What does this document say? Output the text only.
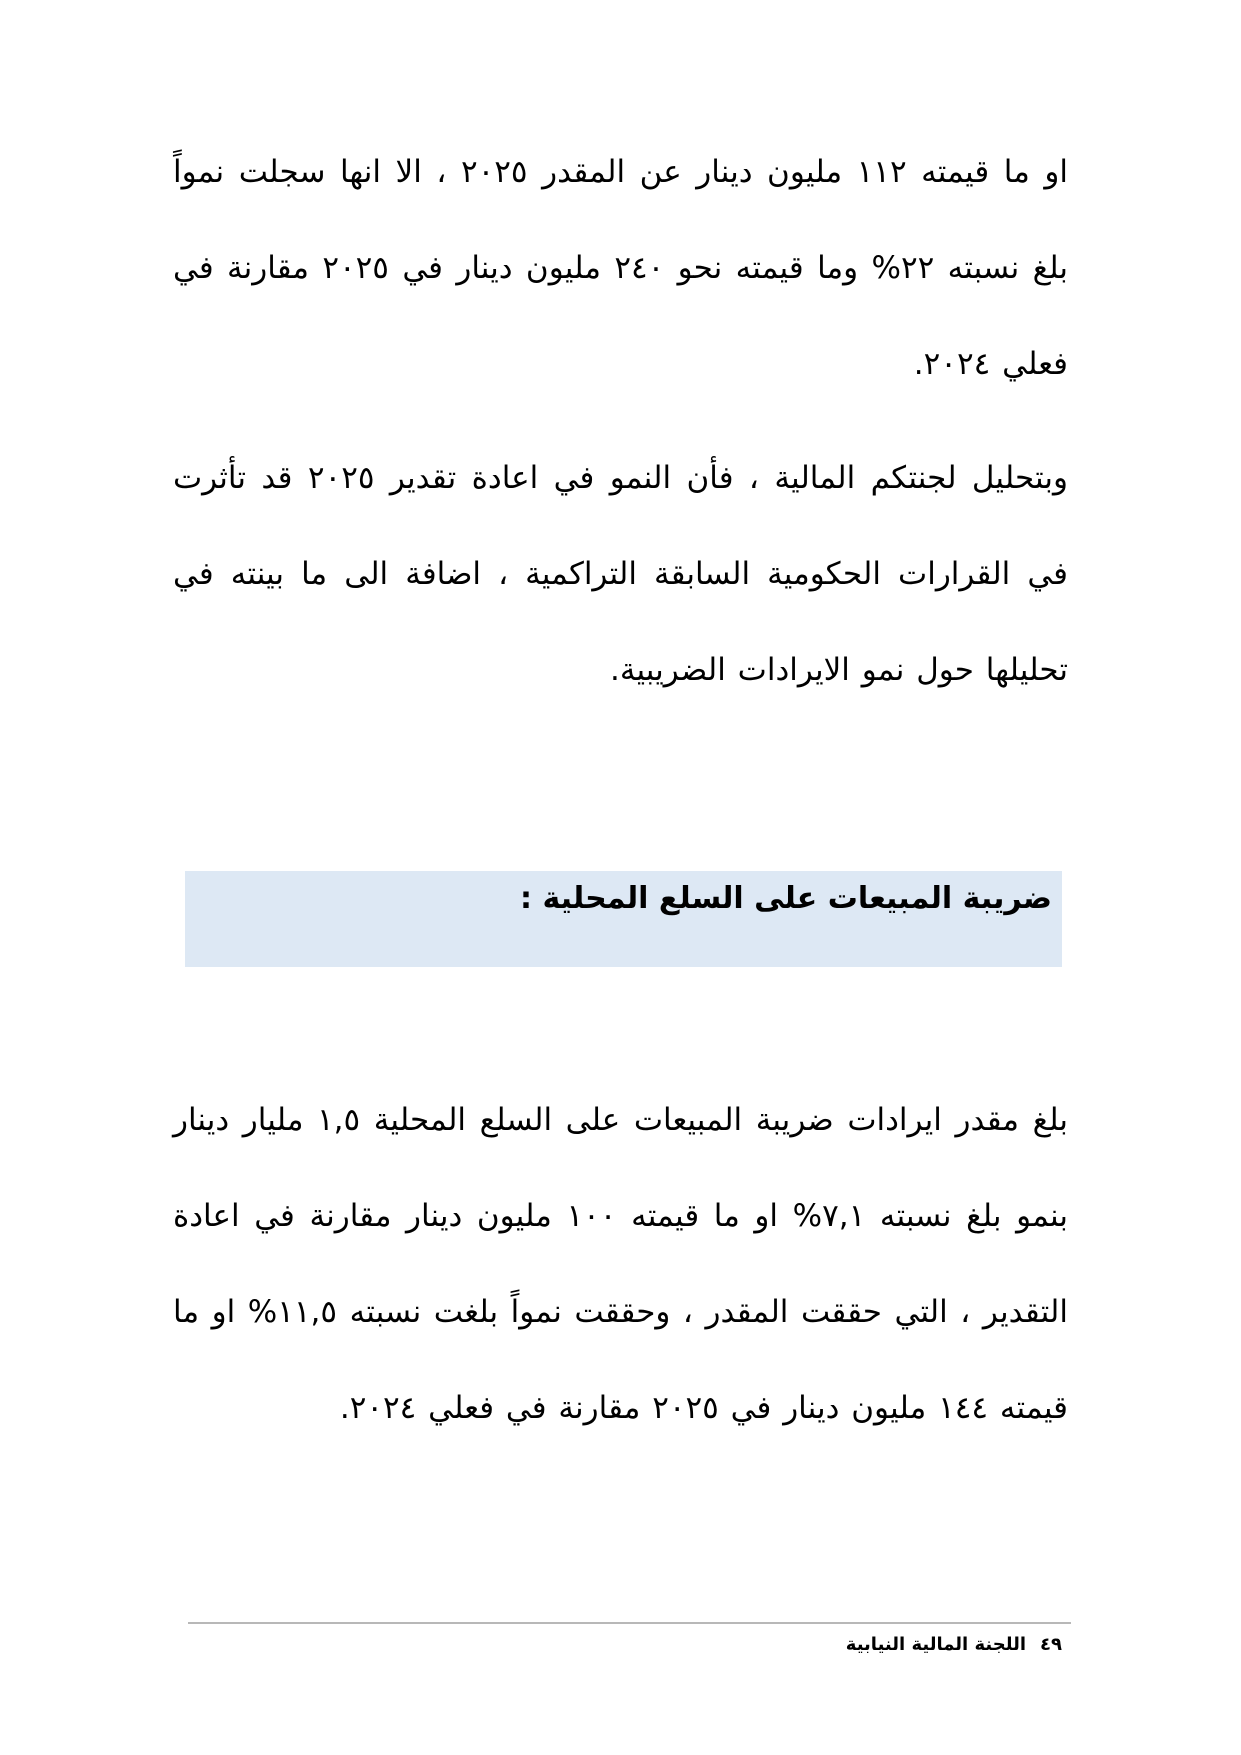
او ما قيمته ١١٢ مليون دينار عن المقدر ٢٠٢٥ ، الا انها سجلت نمواً بلغ نسبته ٢٢% وما قيمته نحو ٢٤٠ مليون دينار في ٢٠٢٥ مقارنة في فعلي ٢٠٢٤.
وبتحليل لجنتكم المالية ، فأن النمو في اعادة تقدير ٢٠٢٥ قد تأثرت في القرارات الحكومية السابقة التراكمية ، اضافة الى ما بينته في تحليلها حول نمو الايرادات الضريبية.
ضريبة المبيعات على السلع المحلية :
بلغ مقدر ايرادات ضريبة المبيعات على السلع المحلية ١,٥ مليار دينار بنمو بلغ نسبته ٧,١% او ما قيمته ١٠٠ مليون دينار مقارنة في اعادة التقدير ، التي حققت المقدر ، وحققت نمواً بلغت نسبته ١١,٥% او ما قيمته ١٤٤ مليون دينار في ٢٠٢٥ مقارنة في فعلي ٢٠٢٤.
٤٩اللجنة المالية النيابية
